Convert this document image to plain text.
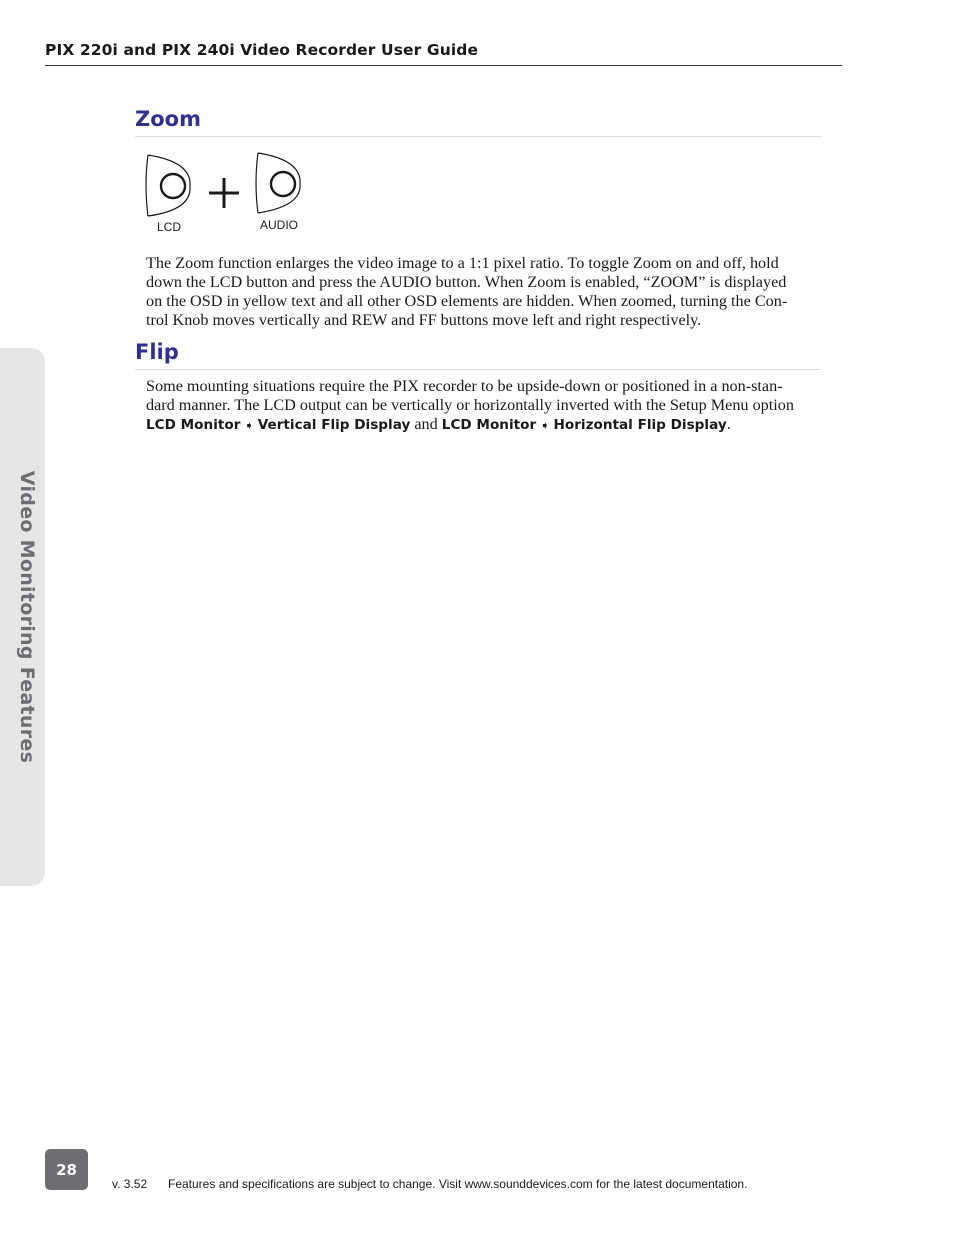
PIX 220i and PIX 240i Video Recorder User Guide
Video Monitoring Features
Zoom
LCD	AUDIO

The Zoom function enlarges the video image to a 1:1 pixel ratio. To toggle Zoom on and off, hold
down the LCD button and press the AUDIO button. When Zoom is enabled, “ZOOM” is displayed
on the OSD in yellow text and all other OSD elements are hidden. When zoomed, turning the Con-
trol Knob moves vertically and REW and FF buttons move left and right respectively.

Flip

Some mounting situations require the PIX recorder to be upside-down or positioned in a non-stan-
dard manner. The LCD output can be vertically or horizontally inverted with the Setup Menu option
LCD Monitor ➧ Vertical Flip Display and LCD Monitor ➧ Horizontal Flip Display.

28
v. 3.52 Features and specifications are subject to change. Visit www.sounddevices.com for the latest documentation.
